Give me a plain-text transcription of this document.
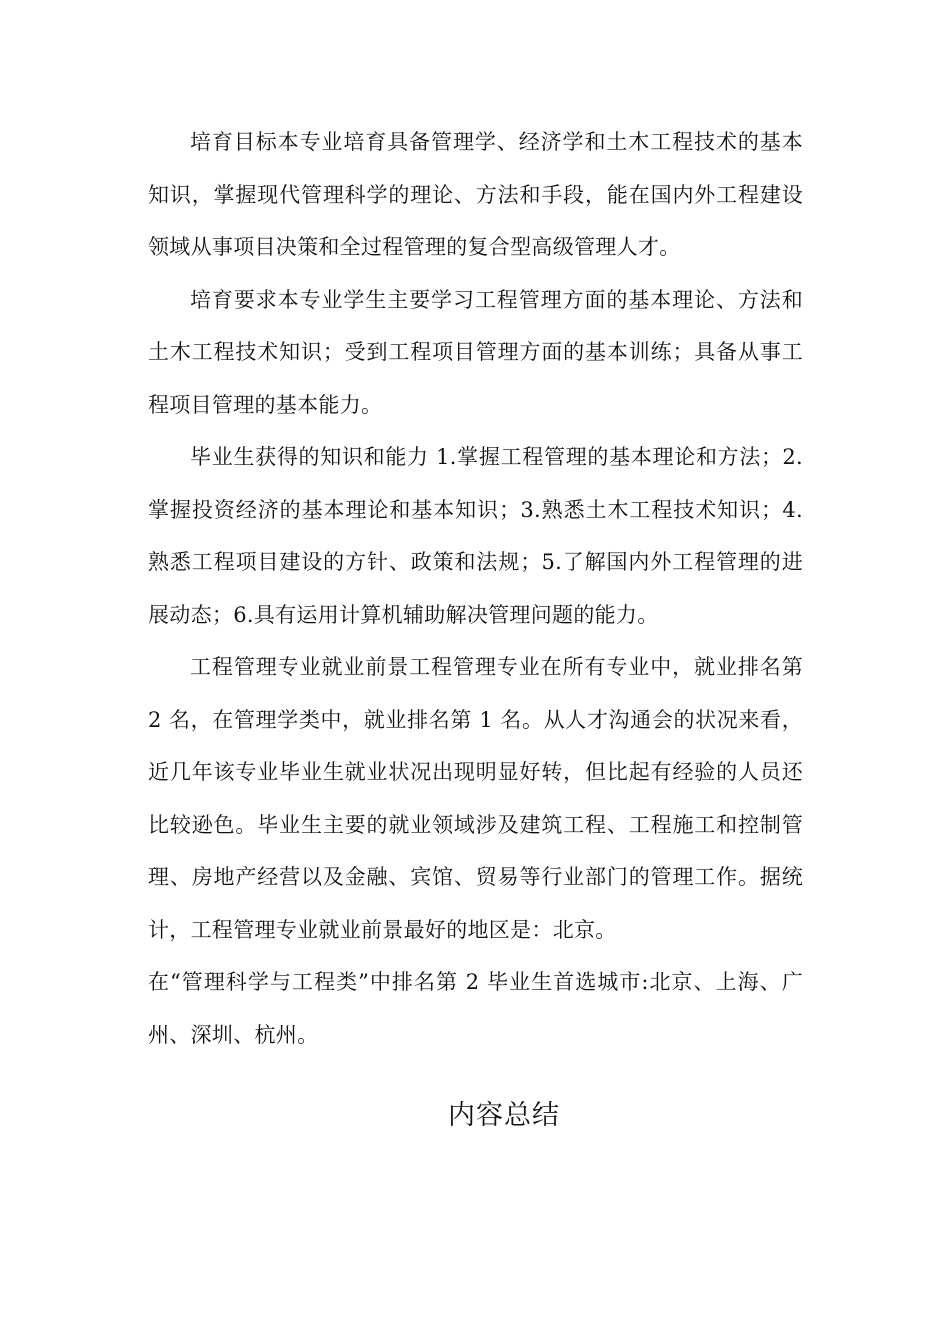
培育目标本专业培育具备管理学、经济学和土木工程技术的基本知识，掌握现代管理科学的理论、方法和手段，能在国内外工程建设领域从事项目决策和全过程管理的复合型高级管理人才。

培育要求本专业学生主要学习工程管理方面的基本理论、方法和土木工程技术知识；受到工程项目管理方面的基本训练；具备从事工程项目管理的基本能力。

毕业生获得的知识和能力 1.掌握工程管理的基本理论和方法；2.掌握投资经济的基本理论和基本知识；3.熟悉土木工程技术知识；4.熟悉工程项目建设的方针、政策和法规；5.了解国内外工程管理的进展动态；6.具有运用计算机辅助解决管理问题的能力。

工程管理专业就业前景工程管理专业在所有专业中，就业排名第 2 名，在管理学类中，就业排名第 1 名。从人才沟通会的状况来看，近几年该专业毕业生就业状况出现明显好转，但比起有经验的人员还比较逊色。毕业生主要的就业领域涉及建筑工程、工程施工和控制管理、房地产经营以及金融、宾馆、贸易等行业部门的管理工作。据统计，工程管理专业就业前景最好的地区是：北京。

在“管理科学与工程类”中排名第 2 毕业生首选城市:北京、上海、广州、深圳、杭州。

内容总结
